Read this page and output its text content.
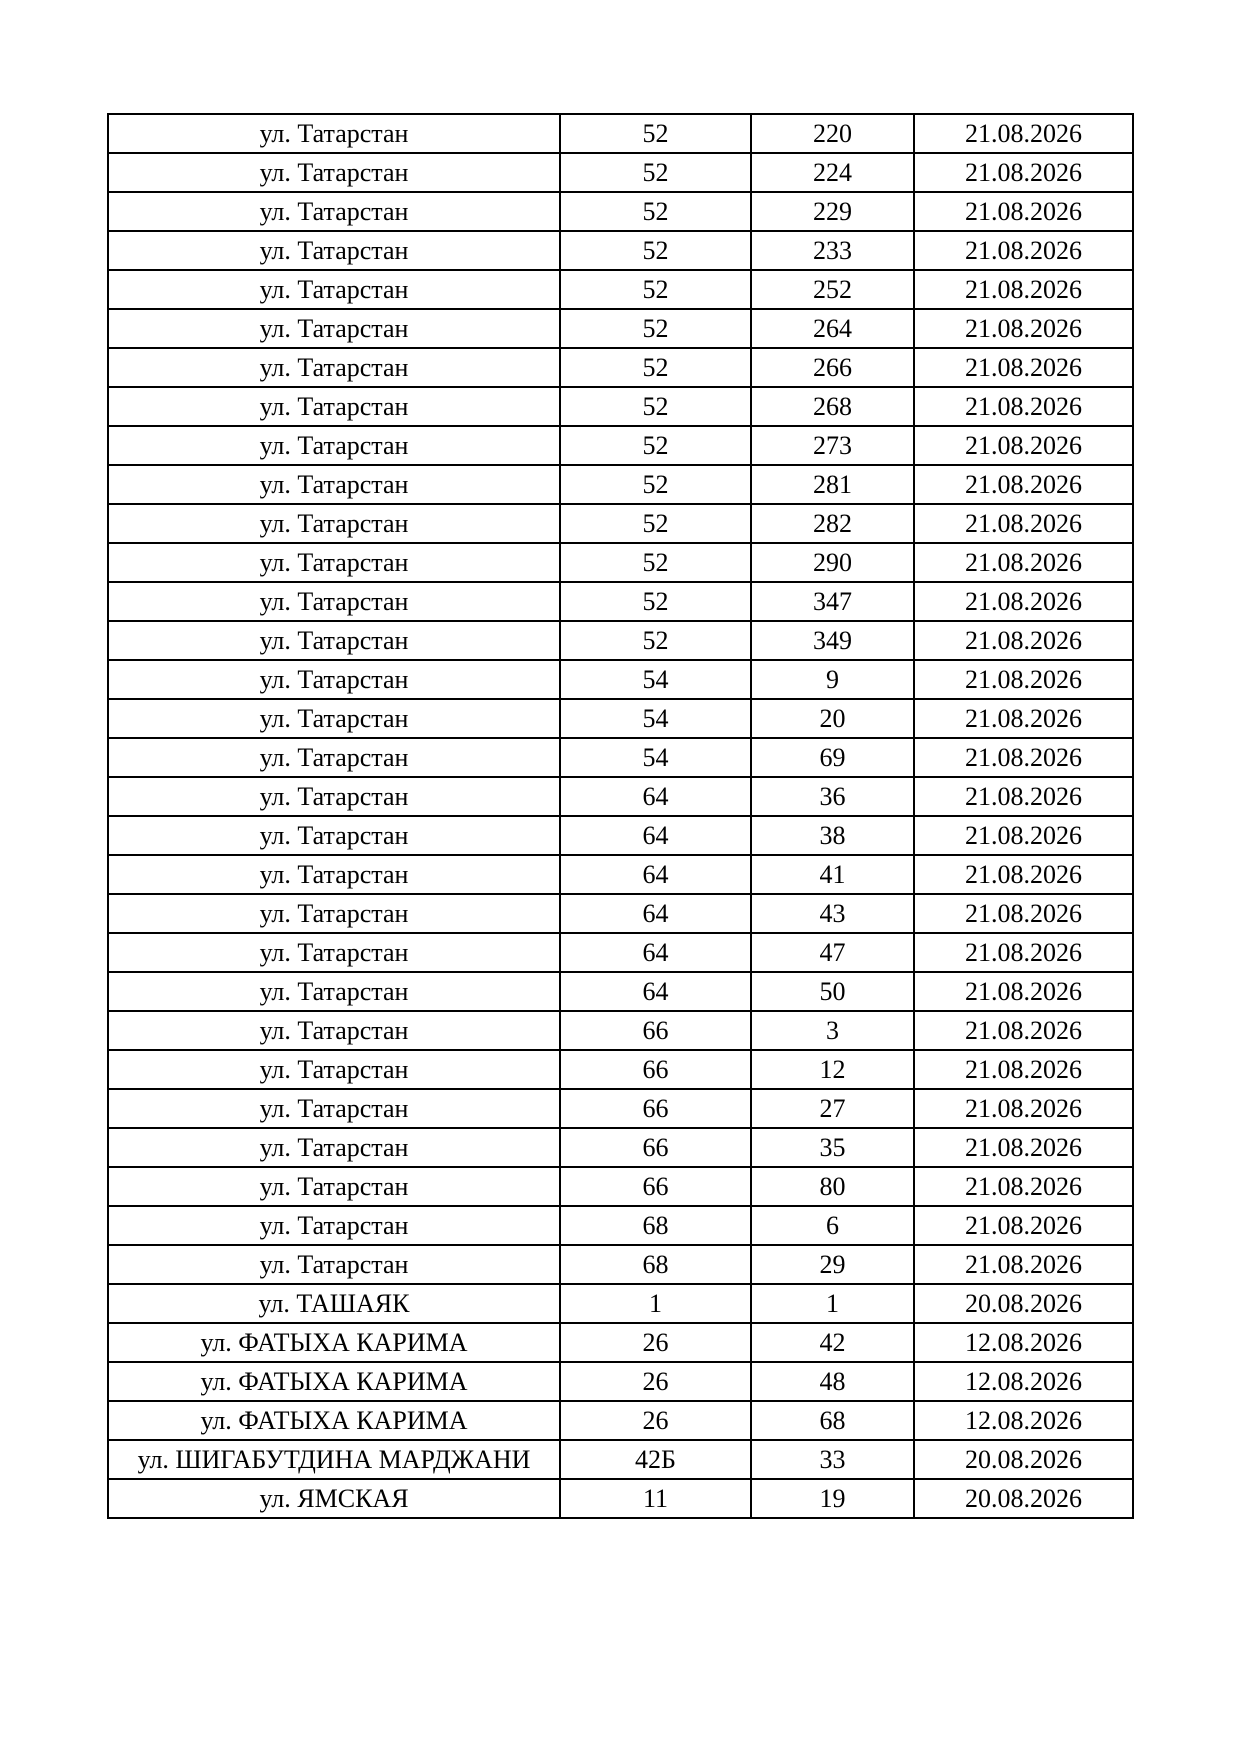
ул. Татарстан	52	220	21.08.2026
ул. Татарстан	52	224	21.08.2026
ул. Татарстан	52	229	21.08.2026
ул. Татарстан	52	233	21.08.2026
ул. Татарстан	52	252	21.08.2026
ул. Татарстан	52	264	21.08.2026
ул. Татарстан	52	266	21.08.2026
ул. Татарстан	52	268	21.08.2026
ул. Татарстан	52	273	21.08.2026
ул. Татарстан	52	281	21.08.2026
ул. Татарстан	52	282	21.08.2026
ул. Татарстан	52	290	21.08.2026
ул. Татарстан	52	347	21.08.2026
ул. Татарстан	52	349	21.08.2026
ул. Татарстан	54	9	21.08.2026
ул. Татарстан	54	20	21.08.2026
ул. Татарстан	54	69	21.08.2026
ул. Татарстан	64	36	21.08.2026
ул. Татарстан	64	38	21.08.2026
ул. Татарстан	64	41	21.08.2026
ул. Татарстан	64	43	21.08.2026
ул. Татарстан	64	47	21.08.2026
ул. Татарстан	64	50	21.08.2026
ул. Татарстан	66	3	21.08.2026
ул. Татарстан	66	12	21.08.2026
ул. Татарстан	66	27	21.08.2026
ул. Татарстан	66	35	21.08.2026
ул. Татарстан	66	80	21.08.2026
ул. Татарстан	68	6	21.08.2026
ул. Татарстан	68	29	21.08.2026
ул. ТАШАЯК	1	1	20.08.2026
ул. ФАТЫХА КАРИМА	26	42	12.08.2026
ул. ФАТЫХА КАРИМА	26	48	12.08.2026
ул. ФАТЫХА КАРИМА	26	68	12.08.2026
ул. ШИГАБУТДИНА МАРДЖАНИ	42Б	33	20.08.2026
ул. ЯМСКАЯ	11	19	20.08.2026
